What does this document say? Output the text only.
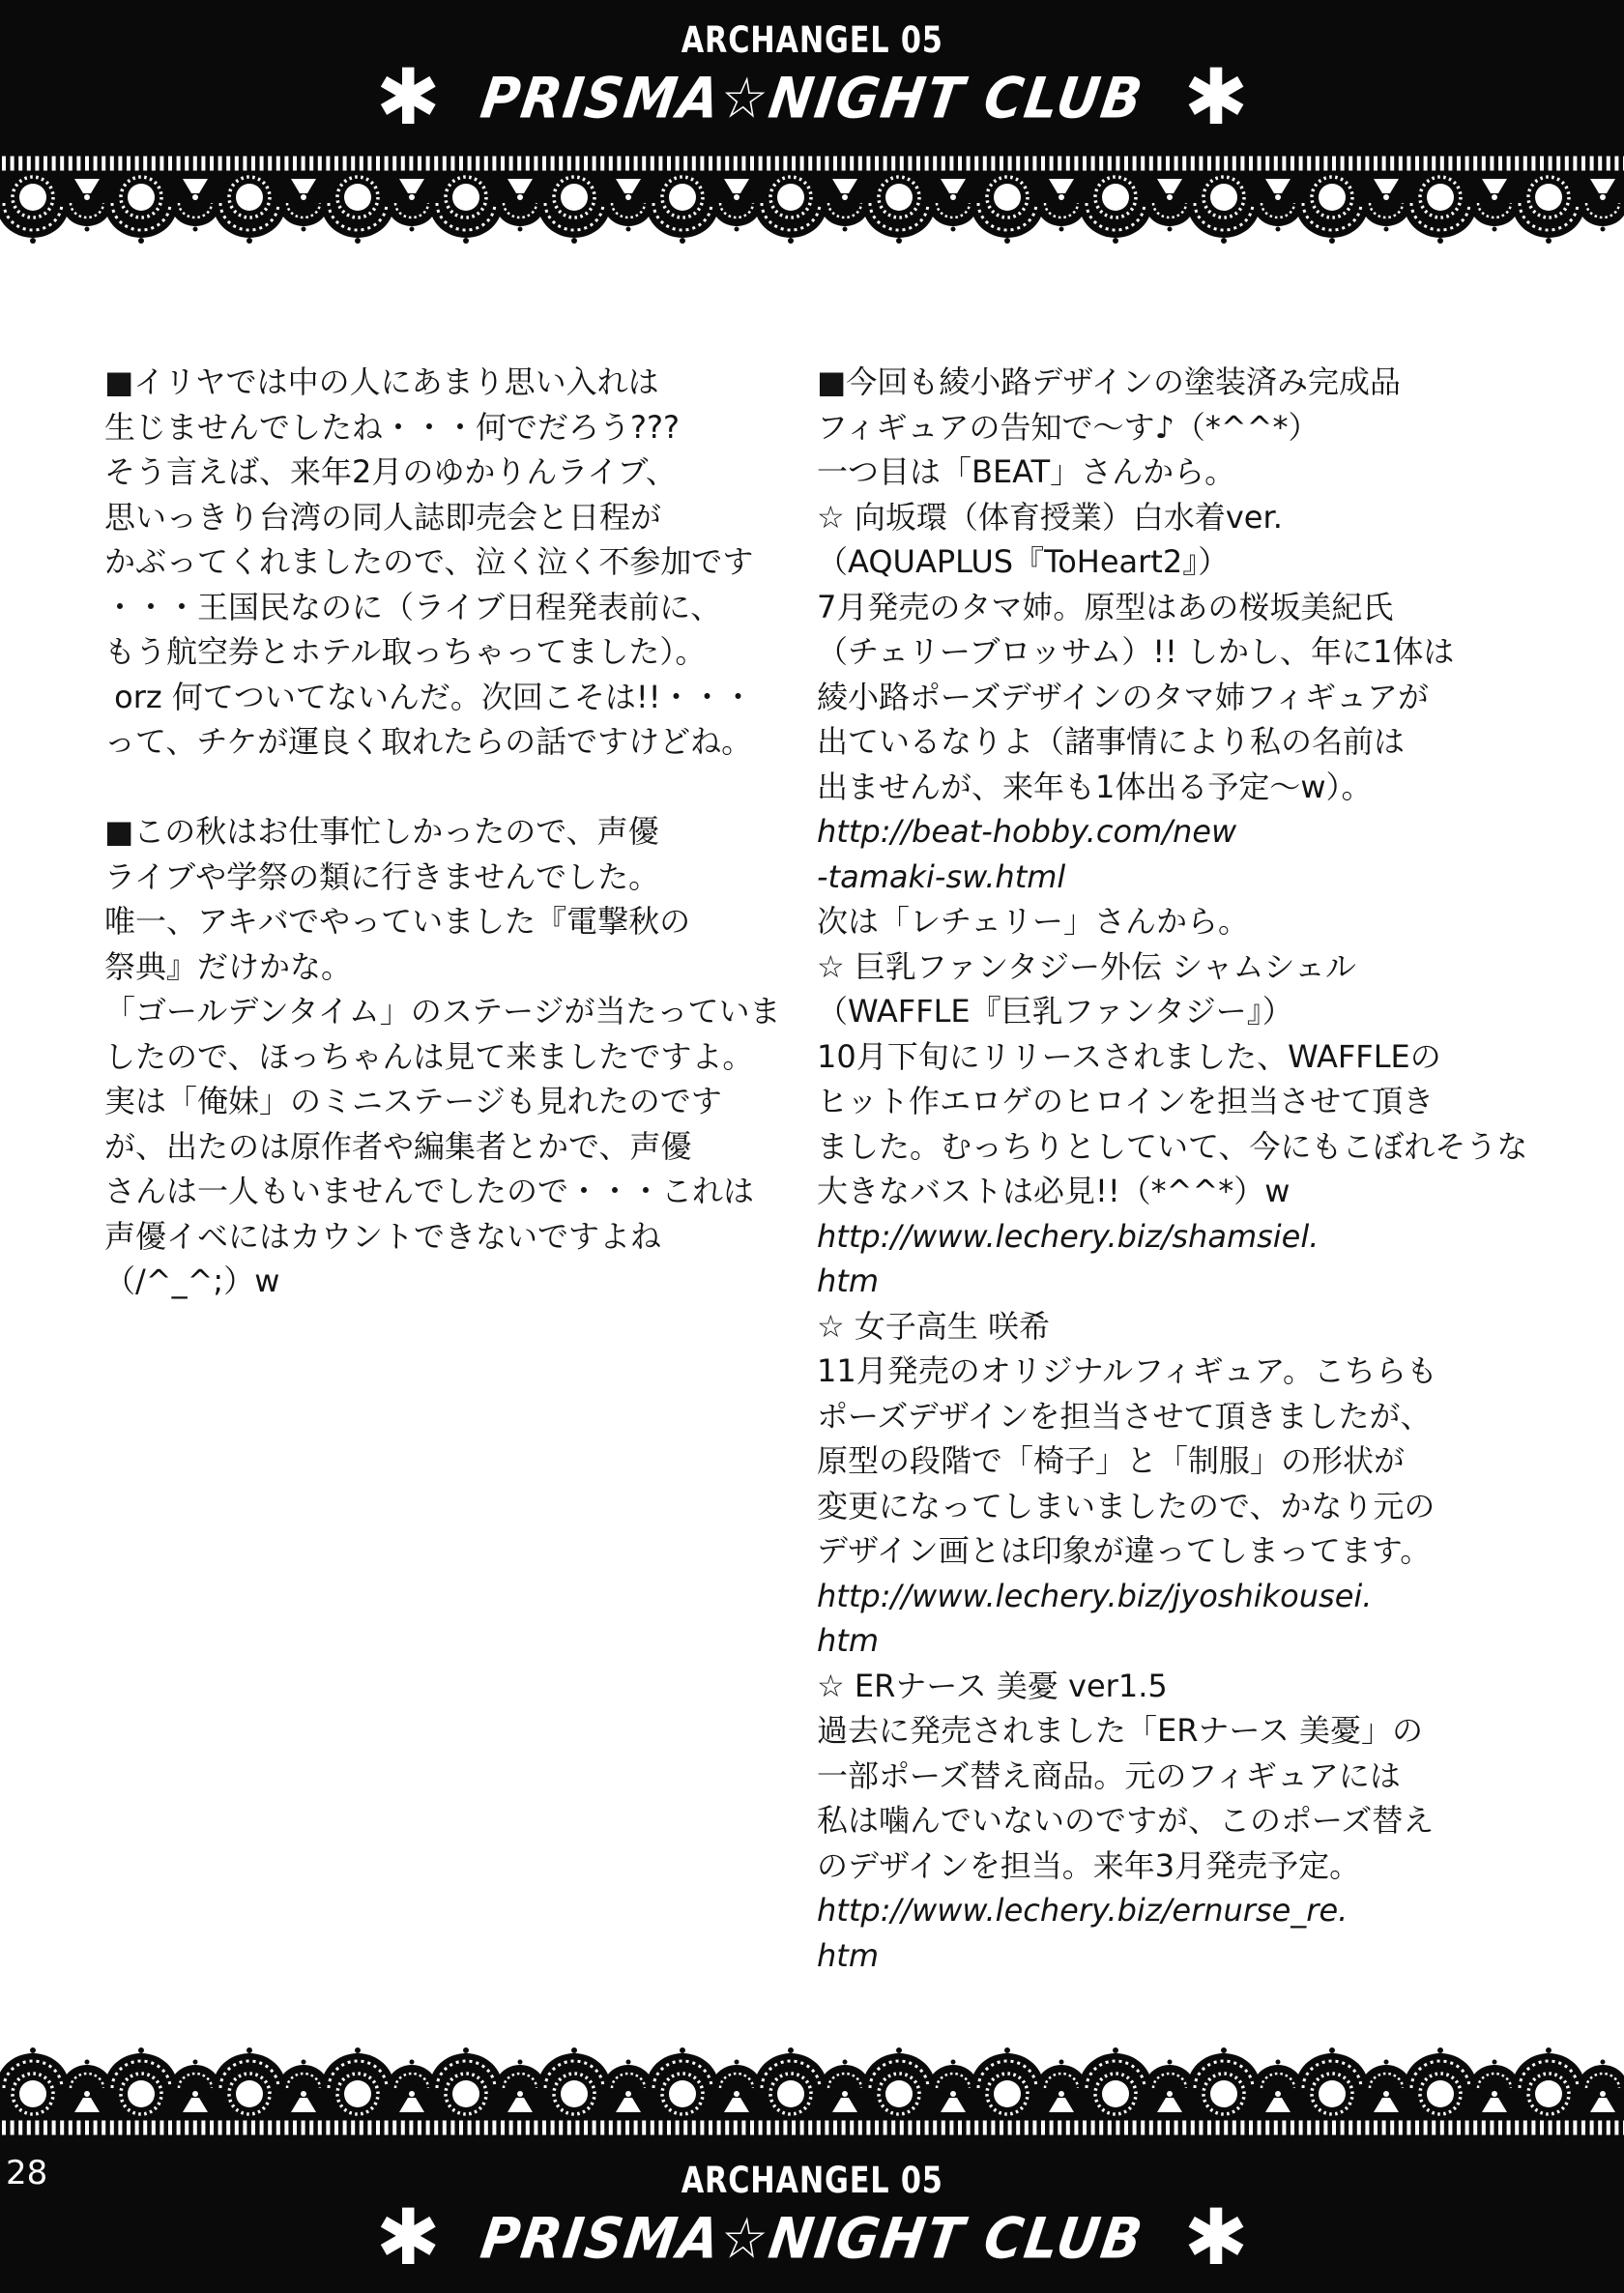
ARCHANGEL 05
✱ PRISMA☆NIGHT CLUB ✱
■イリヤでは中の人にあまり思い入れは
生じませんでしたね・・・何でだろう???
そう言えば、来年2月のゆかりんライブ、
思いっきり台湾の同人誌即売会と日程が
かぶってくれましたので、泣く泣く不参加です
・・・王国民なのに（ライブ日程発表前に、
もう航空券とホテル取っちゃってました）。
orz 何てついてないんだ。次回こそは!!・・・
って、チケが運良く取れたらの話ですけどね。

■この秋はお仕事忙しかったので、声優
ライブや学祭の類に行きませんでした。
唯一、アキバでやっていました『電撃秋の
祭典』だけかな。
「ゴールデンタイム」のステージが当たっていま
したので、ほっちゃんは見て来ましたですよ。
実は「俺妹」のミニステージも見れたのです
が、出たのは原作者や編集者とかで、声優
さんは一人もいませんでしたので・・・これは
声優イベにはカウントできないですよね
（/^_^;）w
■今回も綾小路デザインの塗装済み完成品
フィギュアの告知で～す♪（*^^*）
一つ目は「BEAT」さんから。
☆ 向坂環（体育授業）白水着ver.
（AQUAPLUS『ToHeart2』）
7月発売のタマ姉。原型はあの桜坂美紀氏
（チェリーブロッサム）!! しかし、年に1体は
綾小路ポーズデザインのタマ姉フィギュアが
出ているなりよ（諸事情により私の名前は
出ませんが、来年も1体出る予定～w）。
http://beat-hobby.com/new
-tamaki-sw.html
次は「レチェリー」さんから。
☆ 巨乳ファンタジー外伝 シャムシェル
（WAFFLE『巨乳ファンタジー』）
10月下旬にリリースされました、WAFFLEの
ヒット作エロゲのヒロインを担当させて頂き
ました。むっちりとしていて、今にもこぼれそうな
大きなバストは必見!!（*^^*）w
http://www.lechery.biz/shamsiel.
htm
☆ 女子高生 咲希
11月発売のオリジナルフィギュア。こちらも
ポーズデザインを担当させて頂きましたが、
原型の段階で「椅子」と「制服」の形状が
変更になってしまいましたので、かなり元の
デザイン画とは印象が違ってしまってます。
http://www.lechery.biz/jyoshikousei.
htm
☆ ERナース 美憂 ver1.5
過去に発売されました「ERナース 美憂」の
一部ポーズ替え商品。元のフィギュアには
私は噛んでいないのですが、このポーズ替え
のデザインを担当。来年3月発売予定。
http://www.lechery.biz/ernurse_re.
htm
28	ARCHANGEL 05
✱ PRISMA☆NIGHT CLUB ✱
